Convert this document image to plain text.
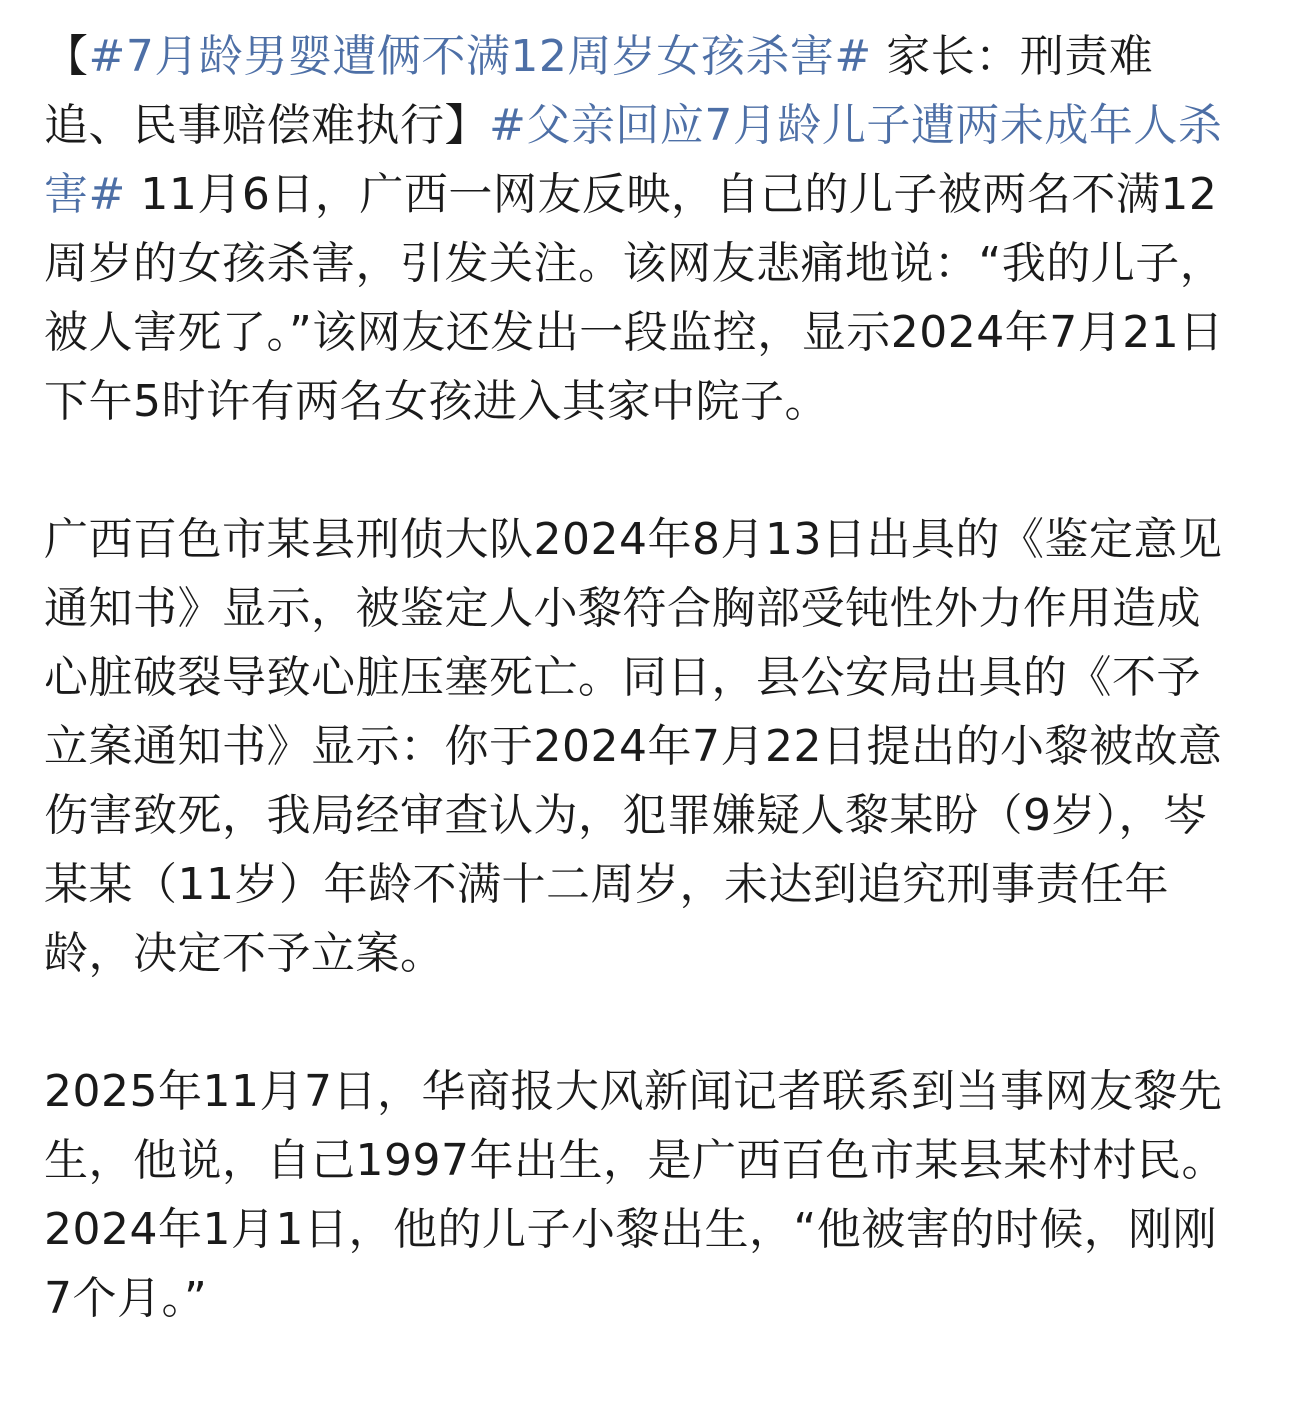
【#7月龄男婴遭俩不满12周岁女孩杀害# 家长：刑责难追、民事赔偿难执行】#父亲回应7月龄儿子遭两未成年人杀害# 11月6日，广西一网友反映，自己的儿子被两名不满12周岁的女孩杀害，引发关注。该网友悲痛地说：“我的儿子，被人害死了。”该网友还发出一段监控，显示2024年7月21日下午5时许有两名女孩进入其家中院子。

广西百色市某县刑侦大队2024年8月13日出具的《鉴定意见通知书》显示，被鉴定人小黎符合胸部受钝性外力作用造成心脏破裂导致心脏压塞死亡。同日，县公安局出具的《不予立案通知书》显示：你于2024年7月22日提出的小黎被故意伤害致死，我局经审查认为，犯罪嫌疑人黎某盼（9岁），岑某某（11岁）年龄不满十二周岁，未达到追究刑事责任年龄，决定不予立案。

2025年11月7日，华商报大风新闻记者联系到当事网友黎先生，他说，自己1997年出生，是广西百色市某县某村村民。2024年1月1日，他的儿子小黎出生，“他被害的时候，刚刚7个月。”
